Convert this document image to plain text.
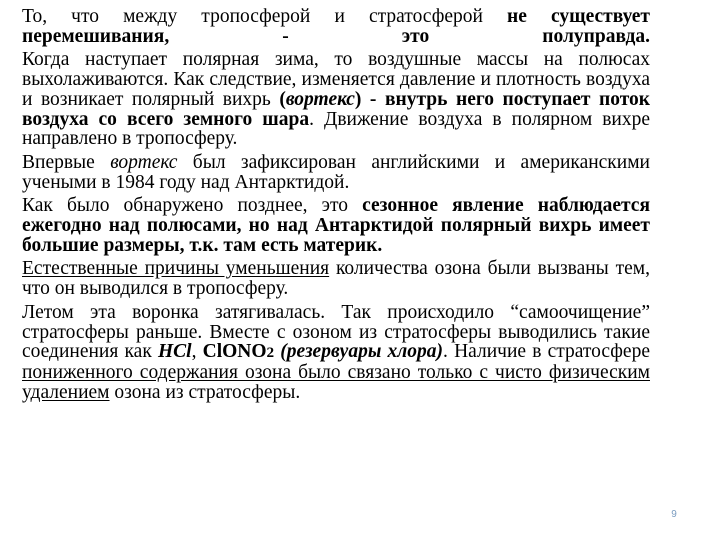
То, что между тропосферой и стратосферой не существует перемешивания, - это полуправда.

Когда наступает полярная зима, то воздушные массы на полюсах выхолаживаются. Как следствие, изменяется давление и плотность воздуха и возникает полярный вихрь (вортекс) - внутрь него поступает поток воздуха со всего земного шара. Движение воздуха в полярном вихре направлено в тропосферу.

Впервые вортекс был зафиксирован английскими и американскими учеными в 1984 году над Антарктидой.

Как было обнаружено позднее, это сезонное явление наблюдается ежегодно над полюсами, но над Антарктидой полярный вихрь имеет большие размеры, т.к. там есть материк.

Естественные причины уменьшения количества озона были вызваны тем, что он выводился в тропосферу.

Летом эта воронка затягивалась. Так происходило “самоочищение” стратосферы раньше. Вместе с озоном из стратосферы выводились такие соединения как HCl, ClONO2 (резервуары хлора). Наличие в стратосфере пониженного содержания озона было связано только с чисто физическим удалением озона из стратосферы.

9
